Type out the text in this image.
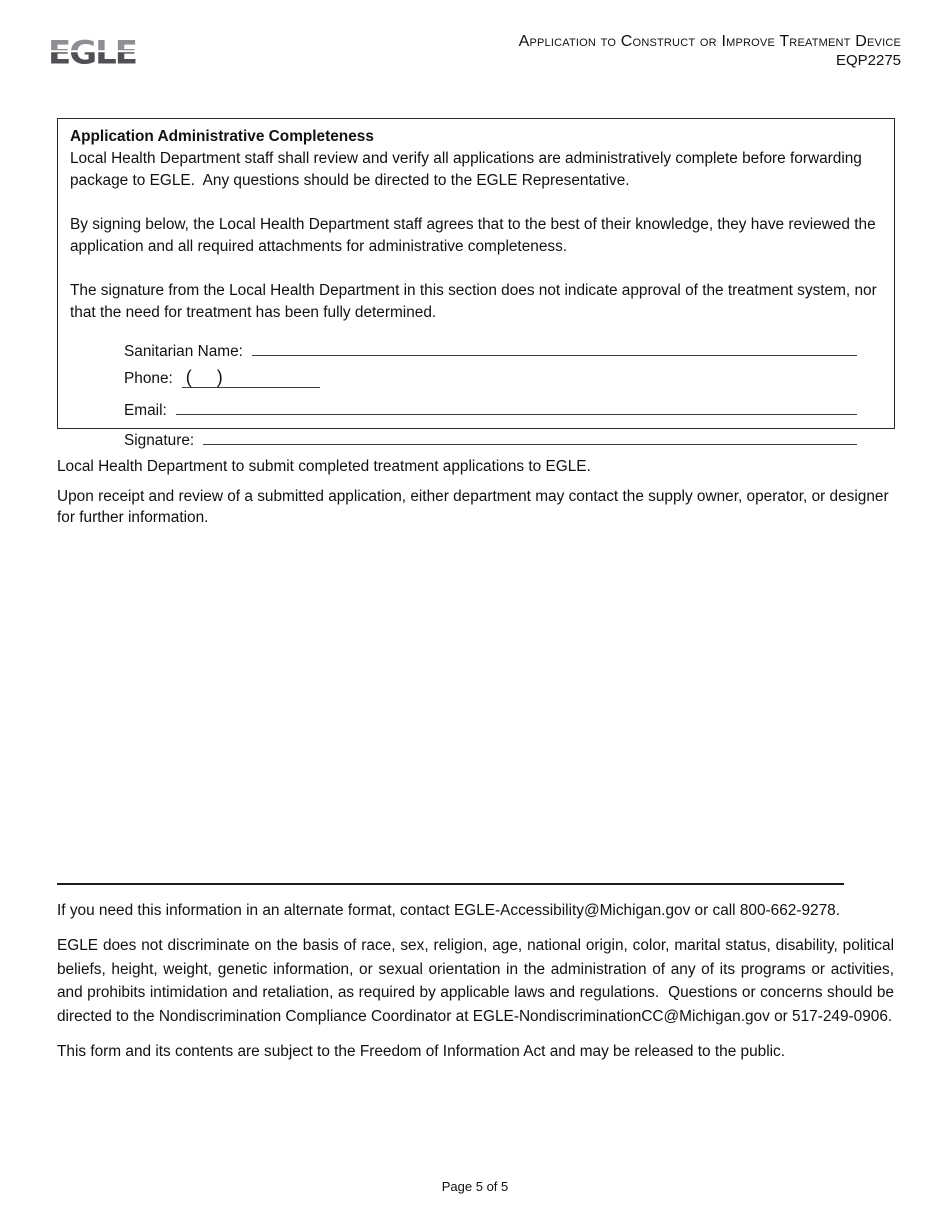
EGLE	Application to Construct or Improve Treatment Device
EQP2275
Application Administrative Completeness

Local Health Department staff shall review and verify all applications are administratively complete before forwarding package to EGLE.  Any questions should be directed to the EGLE Representative.

By signing below, the Local Health Department staff agrees that to the best of their knowledge, they have reviewed the application and all required attachments for administrative completeness.

The signature from the Local Health Department in this section does not indicate approval of the treatment system, nor that the need for treatment has been fully determined.

Sanitarian Name:
Phone: (     )
Email:
Signature:

Local Health Department to submit completed treatment applications to EGLE.

Upon receipt and review of a submitted application, either department may contact the supply owner, operator, or designer for further information.

If you need this information in an alternate format, contact EGLE-Accessibility@Michigan.gov or call 800-662-9278.

EGLE does not discriminate on the basis of race, sex, religion, age, national origin, color, marital status, disability, political beliefs, height, weight, genetic information, or sexual orientation in the administration of any of its programs or activities, and prohibits intimidation and retaliation, as required by applicable laws and regulations.  Questions or concerns should be directed to the Nondiscrimination Compliance Coordinator at EGLE-NondiscriminationCC@Michigan.gov or 517-249-0906.

This form and its contents are subject to the Freedom of Information Act and may be released to the public.

Page 5 of 5
